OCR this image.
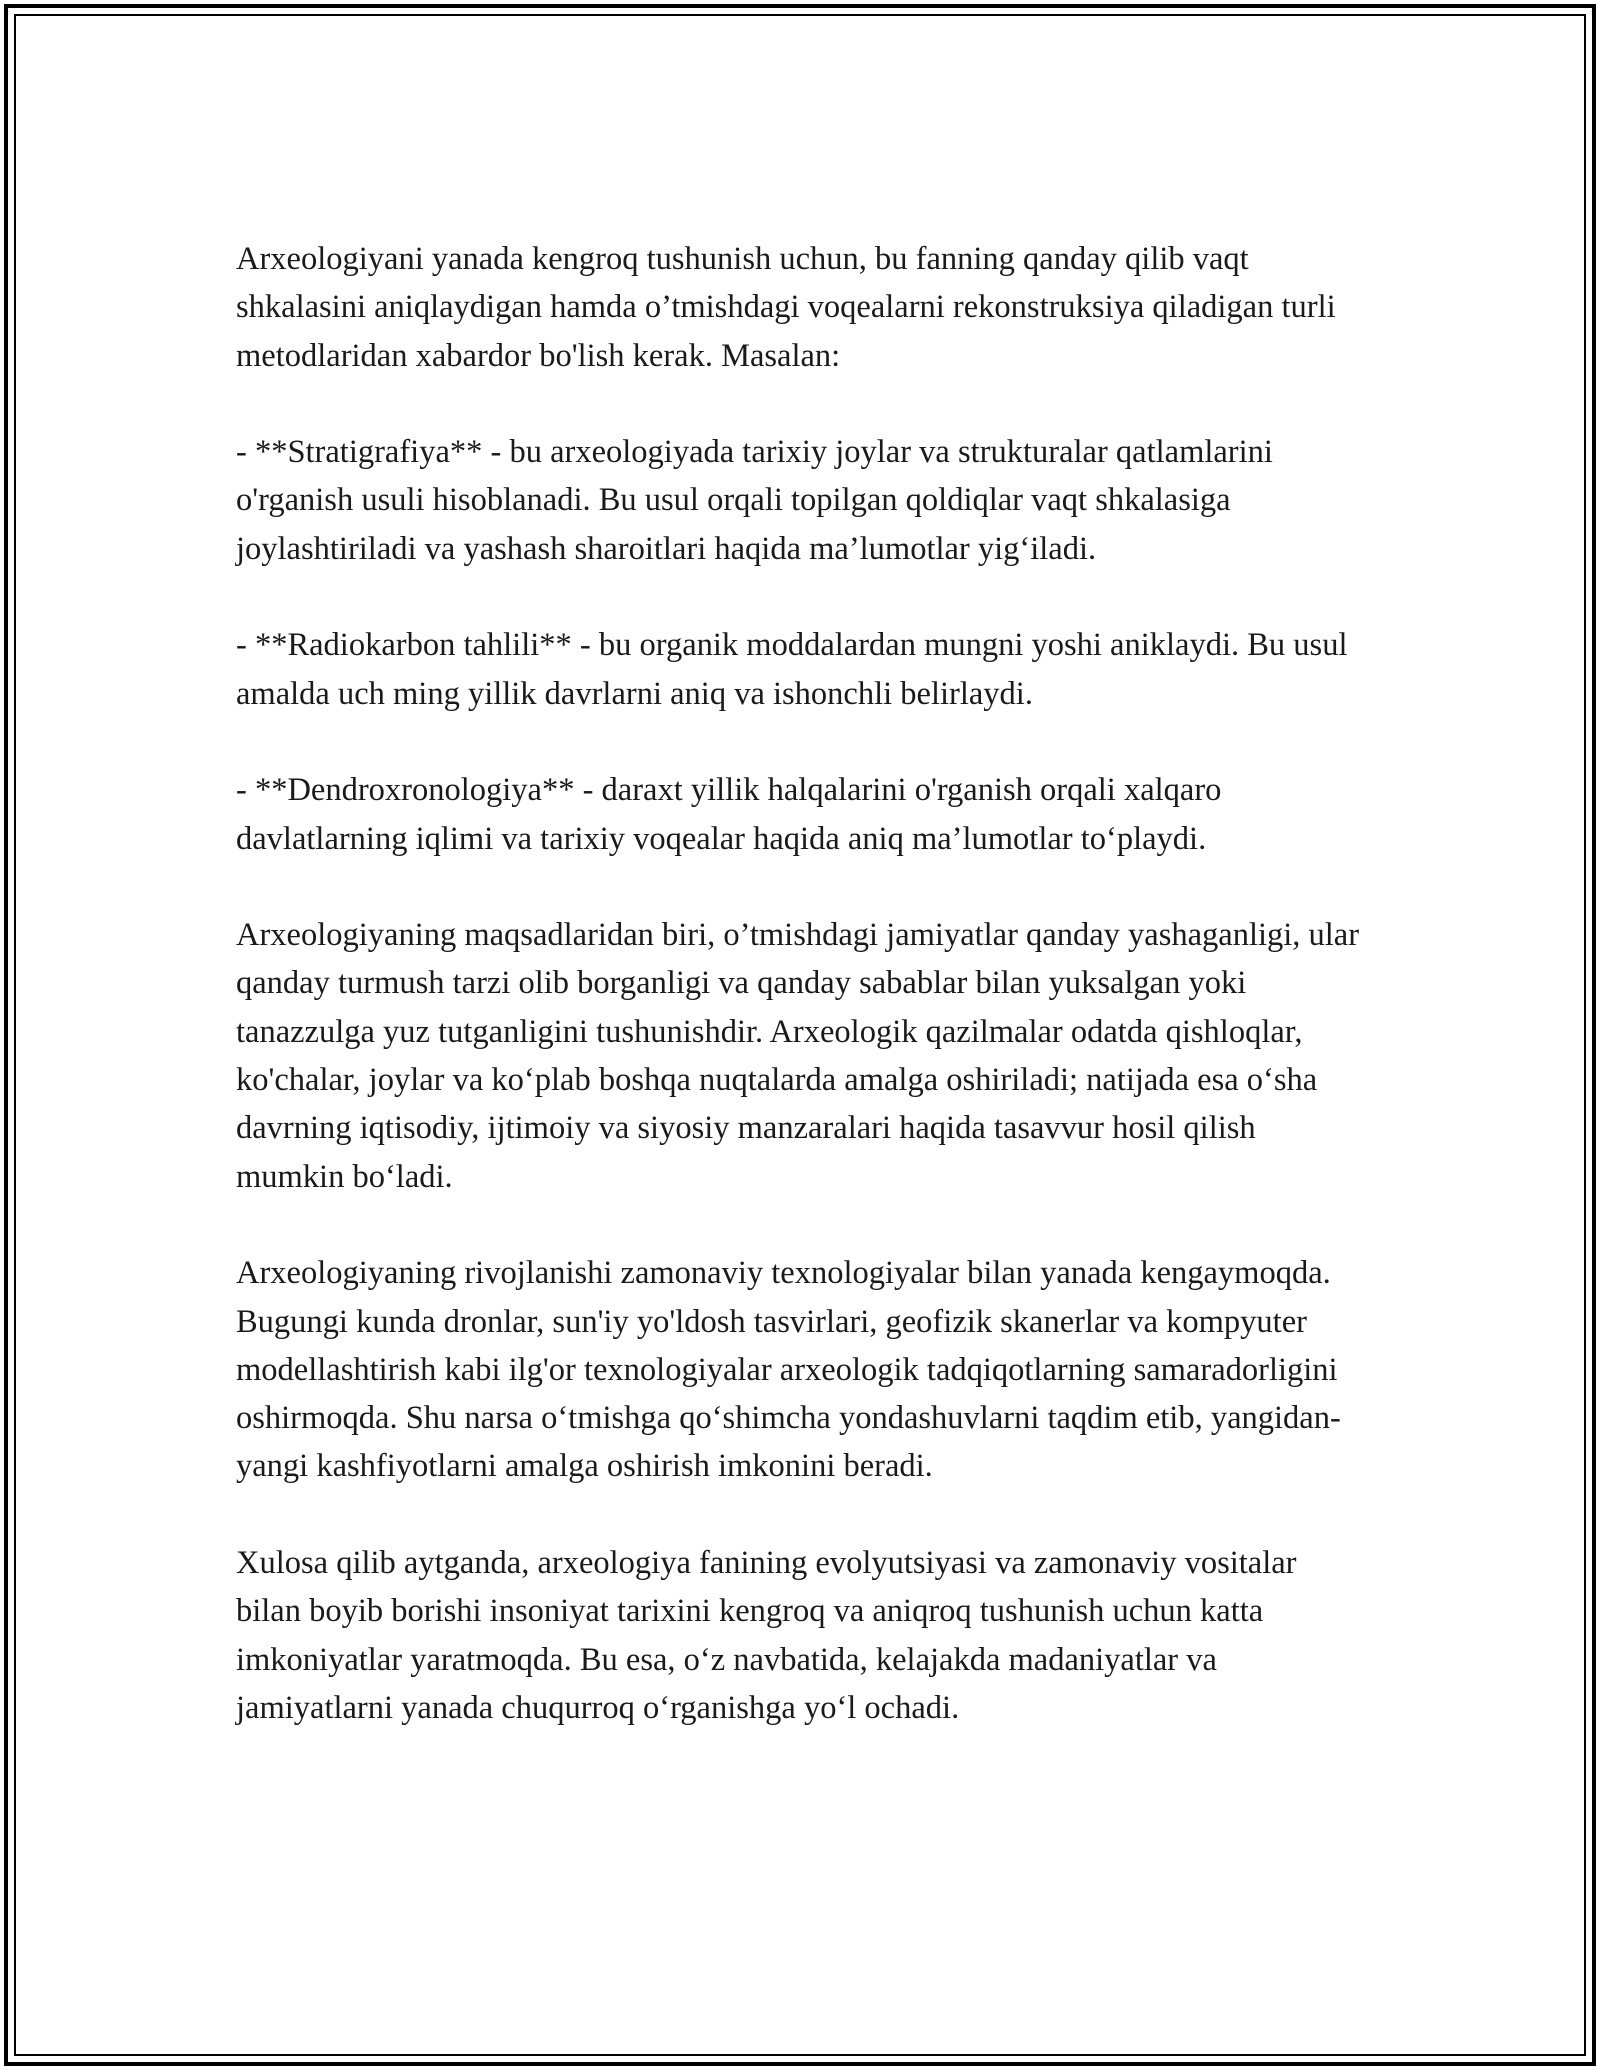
Arxeologiyani yanada kengroq tushunish uchun, bu fanning qanday qilib vaqt shkalasini aniqlaydigan hamda o’tmishdagi voqealarni rekonstruksiya qiladigan turli metodlaridan xabardor bo'lish kerak. Masalan:

- **Stratigrafiya** - bu arxeologiyada tarixiy joylar va strukturalar qatlamlarini o'rganish usuli hisoblanadi. Bu usul orqali topilgan qoldiqlar vaqt shkalasiga joylashtiriladi va yashash sharoitlari haqida ma’lumotlar yig‘iladi.

- **Radiokarbon tahlili** - bu organik moddalardan mungni yoshi aniklaydi. Bu usul amalda uch ming yillik davrlarni aniq va ishonchli belirlaydi.

- **Dendroxronologiya** - daraxt yillik halqalarini o'rganish orqali xalqaro davlatlarning iqlimi va tarixiy voqealar haqida aniq ma’lumotlar to‘playdi.

Arxeologiyaning maqsadlaridan biri, o’tmishdagi jamiyatlar qanday yashaganligi, ular qanday turmush tarzi olib borganligi va qanday sabablar bilan yuksalgan yoki tanazzulga yuz tutganligini tushunishdir. Arxeologik qazilmalar odatda qishloqlar, ko'chalar, joylar va ko‘plab boshqa nuqtalarda amalga oshiriladi; natijada esa o‘sha davrning iqtisodiy, ijtimoiy va siyosiy manzaralari haqida tasavvur hosil qilish mumkin bo‘ladi.

Arxeologiyaning rivojlanishi zamonaviy texnologiyalar bilan yanada kengaymoqda. Bugungi kunda dronlar, sun'iy yo'ldosh tasvirlari, geofizik skanerlar va kompyuter modellashtirish kabi ilg'or texnologiyalar arxeologik tadqiqotlarning samaradorligini oshirmoqda. Shu narsa o‘tmishga qo‘shimcha yondashuvlarni taqdim etib, yangidan-yangi kashfiyotlarni amalga oshirish imkonini beradi.

Xulosa qilib aytganda, arxeologiya fanining evolyutsiyasi va zamonaviy vositalar bilan boyib borishi insoniyat tarixini kengroq va aniqroq tushunish uchun katta imkoniyatlar yaratmoqda. Bu esa, o‘z navbatida, kelajakda madaniyatlar va jamiyatlarni yanada chuqurroq o‘rganishga yo‘l ochadi.
